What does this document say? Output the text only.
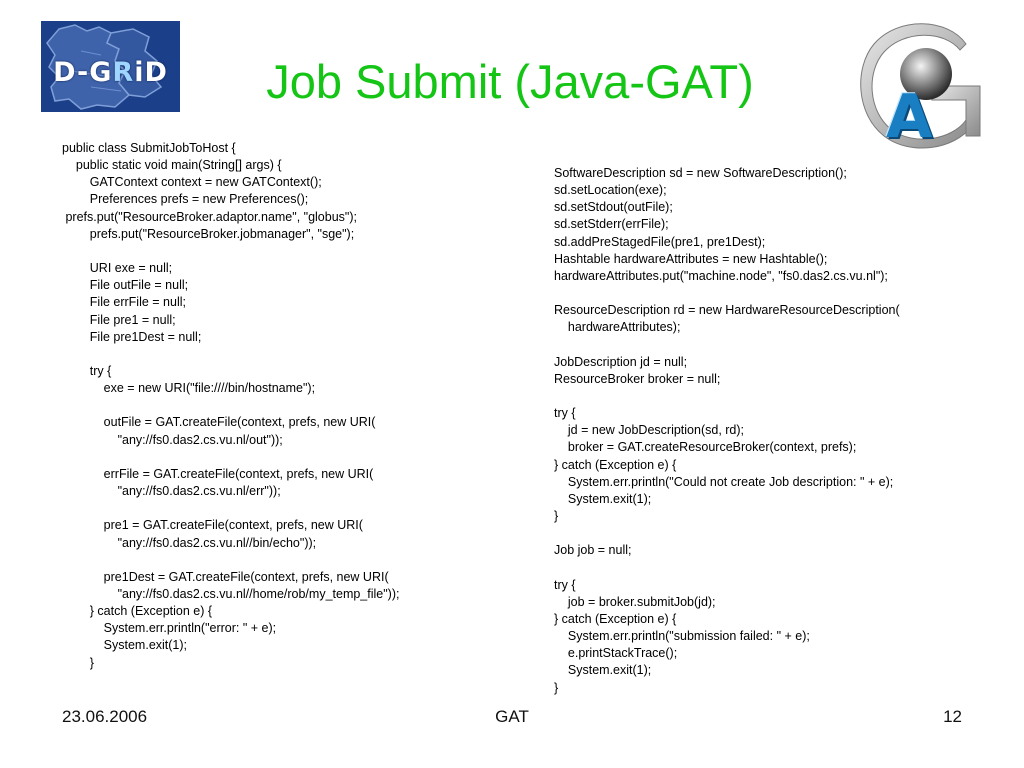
D-GRiD	Job Submit (Java-GAT)
A
public class SubmitJobToHost {
public static void main(String[] args) {
GATContext context = new GATContext();
Preferences prefs = new Preferences();
prefs.put("ResourceBroker.adaptor.name", "globus");
prefs.put("ResourceBroker.jobmanager", "sge");
URI exe = null;
File outFile = null;
File errFile = null;
File pre1 = null;
File pre1Dest = null;
try {
exe = new URI("file:////bin/hostname");
outFile = GAT.createFile(context, prefs, new URI(
"any://fs0.das2.cs.vu.nl/out"));
errFile = GAT.createFile(context, prefs, new URI(
"any://fs0.das2.cs.vu.nl/err"));
pre1 = GAT.createFile(context, prefs, new URI(
"any://fs0.das2.cs.vu.nl//bin/echo"));
pre1Dest = GAT.createFile(context, prefs, new URI(
"any://fs0.das2.cs.vu.nl//home/rob/my_temp_file"));
} catch (Exception e) {
System.err.println("error: " + e);
System.exit(1);
}
SoftwareDescription sd = new SoftwareDescription();
sd.setLocation(exe);
sd.setStdout(outFile);
sd.setStderr(errFile);
sd.addPreStagedFile(pre1, pre1Dest);
Hashtable hardwareAttributes = new Hashtable();
hardwareAttributes.put("machine.node", "fs0.das2.cs.vu.nl");
ResourceDescription rd = new HardwareResourceDescription(
hardwareAttributes);
JobDescription jd = null;
ResourceBroker broker = null;
try {
jd = new JobDescription(sd, rd);
broker = GAT.createResourceBroker(context, prefs);
} catch (Exception e) {
System.err.println("Could not create Job description: " + e);
System.exit(1);
}
Job job = null;
try {
job = broker.submitJob(jd);
} catch (Exception e) {
System.err.println("submission failed: " + e);
e.printStackTrace();
System.exit(1);
}
23.06.2006	GAT	12
